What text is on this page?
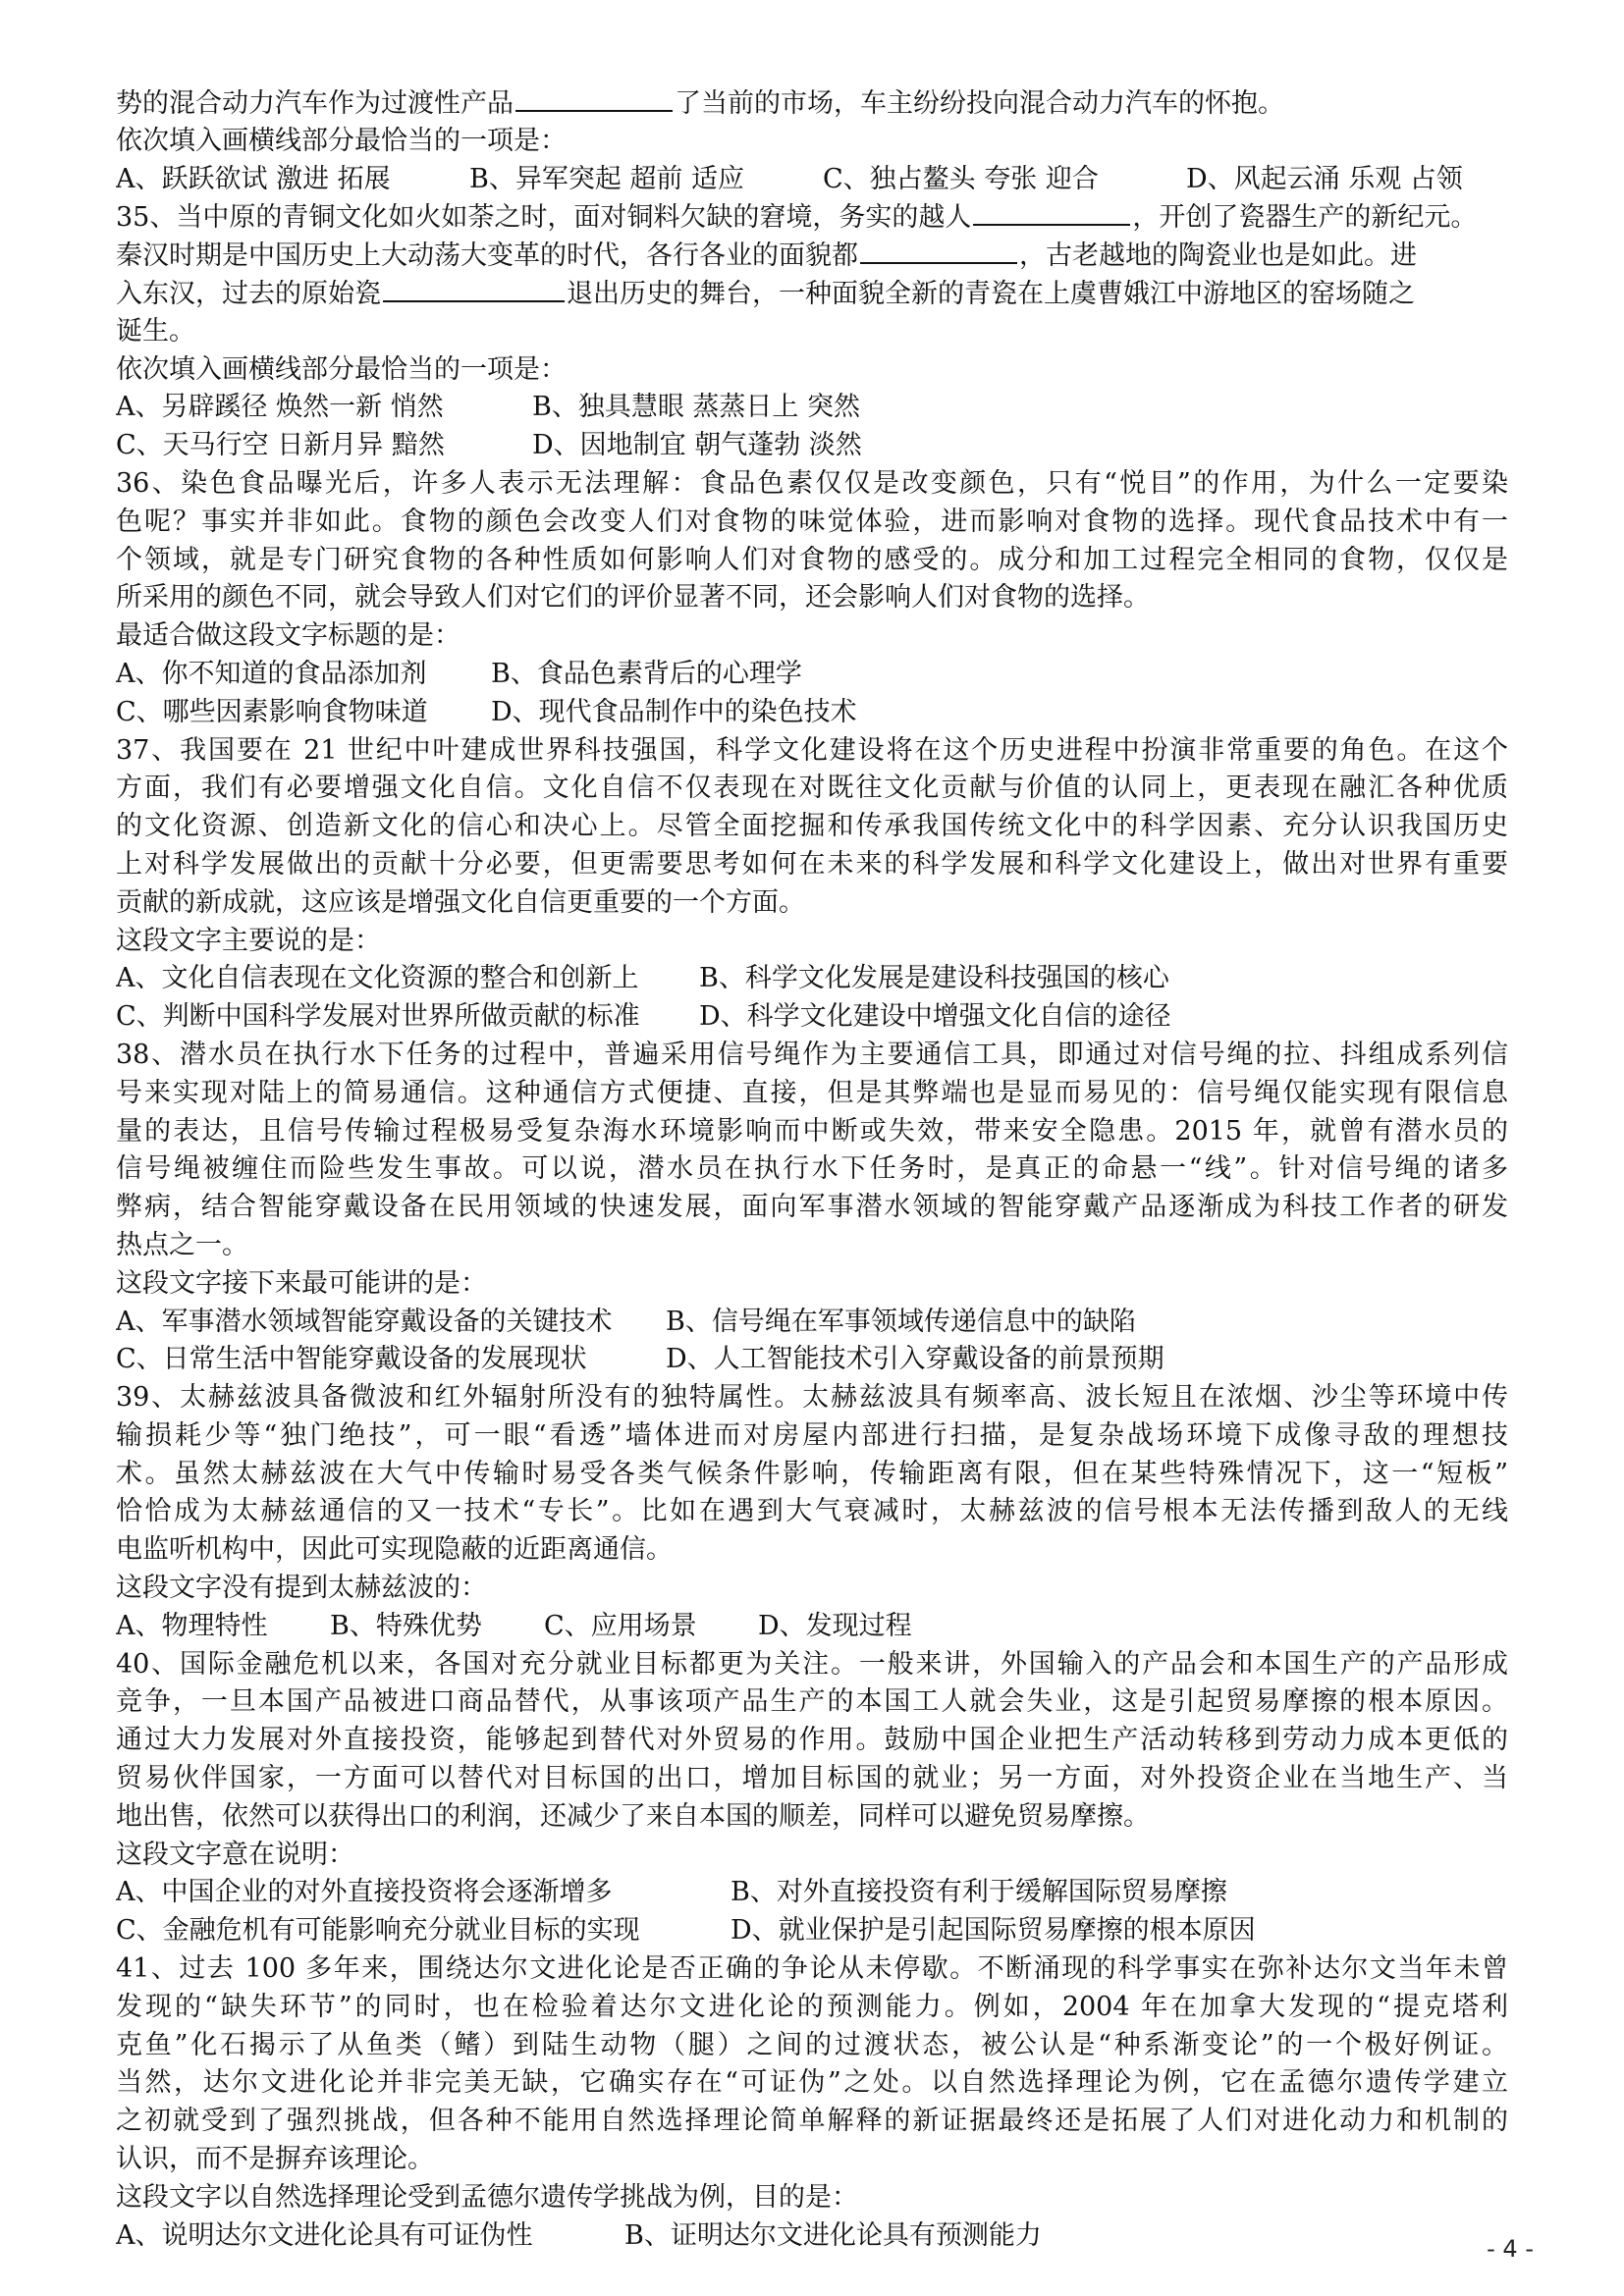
势的混合动力汽车作为过渡性产品	了当前的市场，车主纷纷投向混合动力汽车的怀抱。
依次填入画横线部分最恰当的一项是：
A、跃跃欲试 激进 拓展	B、异军突起 超前 适应	C、独占鳌头 夸张 迎合	D、风起云涌 乐观 占领
35、当中原的青铜文化如火如荼之时，面对铜料欠缺的窘境，务实的越人	，开创了瓷器生产的新纪元。
秦汉时期是中国历史上大动荡大变革的时代，各行各业的面貌都	，古老越地的陶瓷业也是如此。进
入东汉，过去的原始瓷	退出历史的舞台，一种面貌全新的青瓷在上虞曹娥江中游地区的窑场随之
诞生。
依次填入画横线部分最恰当的一项是：
A、另辟蹊径 焕然一新 悄然	B、独具慧眼 蒸蒸日上 突然
C、天马行空 日新月异 黯然	D、因地制宜 朝气蓬勃 淡然
36、染色食品曝光后，许多人表示无法理解：食品色素仅仅是改变颜色，只有“悦目”的作用，为什么一定要染
色呢？事实并非如此。食物的颜色会改变人们对食物的味觉体验，进而影响对食物的选择。现代食品技术中有一
个领域，就是专门研究食物的各种性质如何影响人们对食物的感受的。成分和加工过程完全相同的食物，仅仅是
所采用的颜色不同，就会导致人们对它们的评价显著不同，还会影响人们对食物的选择。
最适合做这段文字标题的是：
A、你不知道的食品添加剂 B、食品色素背后的心理学
C、哪些因素影响食物味道 D、现代食品制作中的染色技术
37、我国要在 21 世纪中叶建成世界科技强国，科学文化建设将在这个历史进程中扮演非常重要的角色。在这个
方面，我们有必要增强文化自信。文化自信不仅表现在对既往文化贡献与价值的认同上，更表现在融汇各种优质
的文化资源、创造新文化的信心和决心上。尽管全面挖掘和传承我国传统文化中的科学因素、充分认识我国历史
上对科学发展做出的贡献十分必要，但更需要思考如何在未来的科学发展和科学文化建设上，做出对世界有重要
贡献的新成就，这应该是增强文化自信更重要的一个方面。
这段文字主要说的是：
A、文化自信表现在文化资源的整合和创新上 B、科学文化发展是建设科技强国的核心
C、判断中国科学发展对世界所做贡献的标准 D、科学文化建设中增强文化自信的途径
38、潜水员在执行水下任务的过程中，普遍采用信号绳作为主要通信工具，即通过对信号绳的拉、抖组成系列信
号来实现对陆上的简易通信。这种通信方式便捷、直接，但是其弊端也是显而易见的：信号绳仅能实现有限信息
量的表达，且信号传输过程极易受复杂海水环境影响而中断或失效，带来安全隐患。2015 年，就曾有潜水员的
信号绳被缠住而险些发生事故。可以说，潜水员在执行水下任务时，是真正的命悬一“线”。针对信号绳的诸多
弊病，结合智能穿戴设备在民用领域的快速发展，面向军事潜水领域的智能穿戴产品逐渐成为科技工作者的研发
热点之一。
这段文字接下来最可能讲的是：
A、军事潜水领域智能穿戴设备的关键技术 B、信号绳在军事领域传递信息中的缺陷
C、日常生活中智能穿戴设备的发展现状	D、人工智能技术引入穿戴设备的前景预期
39、太赫兹波具备微波和红外辐射所没有的独特属性。太赫兹波具有频率高、波长短且在浓烟、沙尘等环境中传
输损耗少等“独门绝技”，可一眼“看透”墙体进而对房屋内部进行扫描，是复杂战场环境下成像寻敌的理想技
术。虽然太赫兹波在大气中传输时易受各类气候条件影响，传输距离有限，但在某些特殊情况下，这一“短板”
恰恰成为太赫兹通信的又一技术“专长”。比如在遇到大气衰减时，太赫兹波的信号根本无法传播到敌人的无线
电监听机构中，因此可实现隐蔽的近距离通信。
这段文字没有提到太赫兹波的：
A、物理特性 B、特殊优势 C、应用场景 D、发现过程
40、国际金融危机以来，各国对充分就业目标都更为关注。一般来讲，外国输入的产品会和本国生产的产品形成
竞争，一旦本国产品被进口商品替代，从事该项产品生产的本国工人就会失业，这是引起贸易摩擦的根本原因。
通过大力发展对外直接投资，能够起到替代对外贸易的作用。鼓励中国企业把生产活动转移到劳动力成本更低的
贸易伙伴国家，一方面可以替代对目标国的出口，增加目标国的就业；另一方面，对外投资企业在当地生产、当
地出售，依然可以获得出口的利润，还减少了来自本国的顺差，同样可以避免贸易摩擦。
这段文字意在说明：
A、中国企业的对外直接投资将会逐渐增多	B、对外直接投资有利于缓解国际贸易摩擦
C、金融危机有可能影响充分就业目标的实现	D、就业保护是引起国际贸易摩擦的根本原因
41、过去 100 多年来，围绕达尔文进化论是否正确的争论从未停歇。不断涌现的科学事实在弥补达尔文当年未曾
发现的“缺失环节”的同时，也在检验着达尔文进化论的预测能力。例如，2004 年在加拿大发现的“提克塔利
克鱼”化石揭示了从鱼类（鳍）到陆生动物（腿）之间的过渡状态，被公认是“种系渐变论”的一个极好例证。
当然，达尔文进化论并非完美无缺，它确实存在“可证伪”之处。以自然选择理论为例，它在孟德尔遗传学建立
之初就受到了强烈挑战，但各种不能用自然选择理论简单解释的新证据最终还是拓展了人们对进化动力和机制的
认识，而不是摒弃该理论。
这段文字以自然选择理论受到孟德尔遗传学挑战为例，目的是：
A、说明达尔文进化论具有可证伪性	B、证明达尔文进化论具有预测能力	- 4 -
